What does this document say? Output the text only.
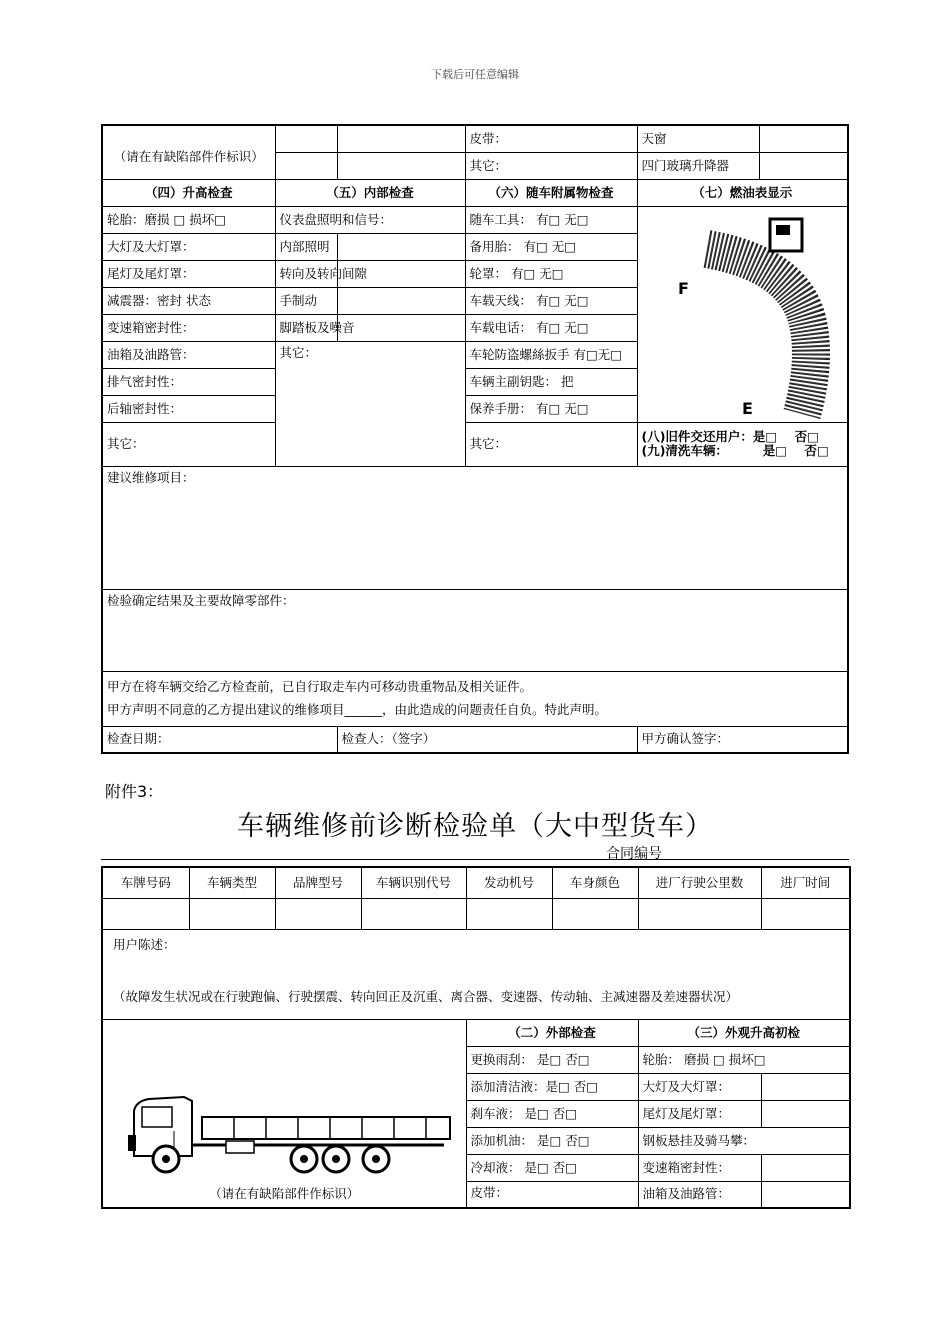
下载后可任意编辑
（请在有缺陷部件作标识）			皮带：	天窗	
			其它：	四门玻璃升降器	
（四）升高检查	（五）内部检查		（六）随车附属物检查	（七）燃油表显示	
轮胎：磨损 □ 损坏□	仪表盘照明和信号：		随车工具： 有□ 无□	F
E	

大灯及大灯罩：	内部照明		备用胎： 有□ 无□		
尾灯及尾灯罩：	转向及转向间隙		轮罩： 有□ 无□		
减震器：密封 状态	手制动		车载天线： 有□ 无□		
变速箱密封性：	脚踏板及噪音		车载电话： 有□ 无□		
油箱及油路管：	其它：		车轮防盗螺絲扳手 有□无□		
排气密封性：			车辆主副钥匙： 把		
后轴密封性：			保养手册： 有□ 无□		
其它：			其它：	(八)旧件交还用户：是□    否□
(九)清洗车辆：        是□    否□	

建议维修项目：					
检验确定结果及主要故障零部件：					

甲方在将车辆交给乙方检查前，已自行取走车内可移动贵重物品及相关证件。
甲方声明不同意的乙方提出建议的维修项目______，由此造成的问题责任自负。特此声明。					

检查日期：		检查人：（签字）		甲方确认签字：	
附件3：
车辆维修前诊断检验单（大中型货车）
合同编号
车牌号码	车辆类型	品牌型号	车辆识别代号	发动机号	车身颜色	进厂行驶公里数	进厂时间

用户陈述：
（故障发生状况或在行驶跑偏、行驶摆震、转向回正及沉重、离合器、变速器、传动轴、主减速器及差速器状况）							

（请在有缺陷部件作标识）				（二）外部检查		（三）外观升高初检	
				更换雨刮： 是□ 否□		轮胎： 磨损 □ 损坏□	
				添加清洁液：是□ 否□		大灯及大灯罩：	
				刹车液： 是□ 否□		尾灯及尾灯罩：	
				添加机油： 是□ 否□		钢板悬挂及骑马攀：	
				冷却液： 是□ 否□		变速箱密封性：	
				皮带：		油箱及油路管：	
